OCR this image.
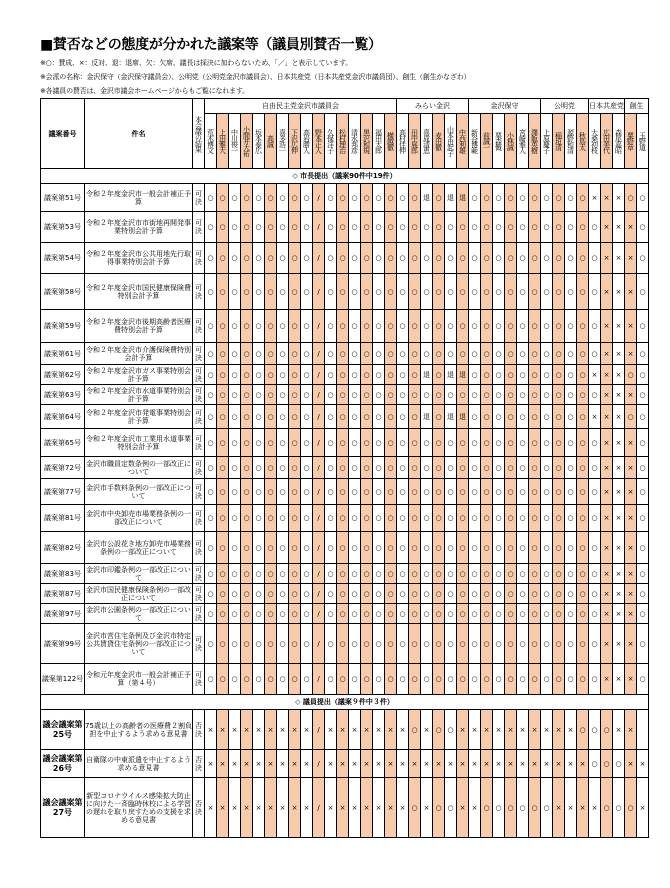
■賛否などの態度が分かれた議案等（議員別賛否一覧）
※○：賛成、×：反対、退：退席、欠：欠席、議長は採決に加わらないため、「／」と表示しています。
※会派の名称：金沢保守（金沢保守議員会）、公明党（公明党金沢市議員会）、日本共産党（日本共産党金沢市議員団）、創生（創生かなざわ）
※各議員の賛否は、金沢市議会ホームページからもご覧になれます。
議案番号	件名	本会議の結果	自由民主党金沢市議員会																みらい金沢						金沢保守						公明党				日本共産党			創生	
			荒木博文	上田雅大	中川俊一	小間井大祐	坂本泰広	高誠	喜多浩一	下沢広伸	高岩勝人	野本正人	久保洋子	松村理治	清水邦彦	黒沢和規	福田太郎	横越徹	高村佳伸	田中展郎	喜成清恵	麦田徹	山本由起子	中西利雄	新谷博範	前誠一	栗森慨	小林誠	宮崎雅人	澤飯英樹	上原慶子	稲垣清	源野和清	秋島太	大桑初枝	広田美代	森尾嘉昭	粟野章	玉野道
◇ 市長提出（議案90件中19件）																																							
議案第51号	令和２年度金沢市一般会計補正予算	可決	○	○	○	○	○	○	○	○	○	/	○	○	○	○	○	○	○	○	退	○	退	退	○	○	○	○	○	○	○	○	○	○	×	×	×	○	○
議案第53号	令和２年度金沢市市街地再開発事業特別会計予算	可決	○	○	○	○	○	○	○	○	○	/	○	○	○	○	○	○	○	○	○	○	○	○	○	○	○	○	○	○	○	○	○	○	○	×	×	×	○
議案第54号	令和２年度金沢市公共用地先行取得事業特別会計予算	可決	○	○	○	○	○	○	○	○	○	/	○	○	○	○	○	○	○	○	○	○	○	○	○	○	○	○	○	○	○	○	○	○	○	×	×	×	○
議案第58号	令和２年度金沢市国民健康保険費特別会計予算	可決	○	○	○	○	○	○	○	○	○	/	○	○	○	○	○	○	○	○	○	○	○	○	○	○	○	○	○	○	○	○	○	○	○	×	×	×	○
議案第59号	令和２年度金沢市後期高齢者医療費特別会計予算	可決	○	○	○	○	○	○	○	○	○	/	○	○	○	○	○	○	○	○	○	○	○	○	○	○	○	○	○	○	○	○	○	○	○	×	×	×	○
議案第61号	令和２年度金沢市介護保険費特別会計予算	可決	○	○	○	○	○	○	○	○	○	/	○	○	○	○	○	○	○	○	○	○	○	○	○	○	○	○	○	○	○	○	○	○	○	×	×	×	○
議案第62号	令和２年度金沢市ガス事業特別会計予算	可決	○	○	○	○	○	○	○	○	○	/	○	○	○	○	○	○	○	○	退	○	退	退	○	○	○	○	○	○	○	○	○	○	×	×	×	○	○
議案第63号	令和２年度金沢市水道事業特別会計予算	可決	○	○	○	○	○	○	○	○	○	/	○	○	○	○	○	○	○	○	○	○	○	○	○	○	○	○	○	○	○	○	○	○	○	×	×	×	○
議案第64号	令和２年度金沢市発電事業特別会計予算	可決	○	○	○	○	○	○	○	○	○	/	○	○	○	○	○	○	○	○	退	○	退	退	○	○	○	○	○	○	○	○	○	○	×	×	×	○	○
議案第65号	令和２年度金沢市工業用水道事業特別会計予算	可決	○	○	○	○	○	○	○	○	○	/	○	○	○	○	○	○	○	○	○	○	○	○	○	○	○	○	○	○	○	○	○	○	○	×	×	×	○
議案第72号	金沢市職員定数条例の一部改正について	可決	○	○	○	○	○	○	○	○	○	/	○	○	○	○	○	○	○	○	○	○	○	○	○	○	○	○	○	○	○	○	○	○	○	×	×	×	○
議案第77号	金沢市手数料条例の一部改正について	可決	○	○	○	○	○	○	○	○	○	/	○	○	○	○	○	○	○	○	○	○	○	○	○	○	○	○	○	○	○	○	○	○	○	×	×	×	○
議案第81号	金沢市中央卸売市場業務条例の一部改正について	可決	○	○	○	○	○	○	○	○	○	/	○	○	○	○	○	○	○	○	○	○	○	○	○	○	○	○	○	○	○	○	○	○	○	×	×	×	○
議案第82号	金沢市公設花き地方卸売市場業務条例の一部改正について	可決	○	○	○	○	○	○	○	○	○	/	○	○	○	○	○	○	○	○	○	○	○	○	○	○	○	○	○	○	○	○	○	○	○	×	×	×	○
議案第83号	金沢市印鑑条例の一部改正について	可決	○	○	○	○	○	○	○	○	○	/	○	○	○	○	○	○	○	○	○	○	○	○	○	○	○	○	○	○	○	○	○	○	○	×	×	×	○
議案第87号	金沢市国民健康保険条例の一部改正について	可決	○	○	○	○	○	○	○	○	○	/	○	○	○	○	○	○	○	○	○	○	○	○	○	○	○	○	○	○	○	○	○	○	○	×	×	×	○
議案第97号	金沢市公園条例の一部改正について	可決	○	○	○	○	○	○	○	○	○	/	○	○	○	○	○	○	○	○	○	○	○	○	○	○	○	○	○	○	○	○	○	○	○	×	×	×	○
議案第99号	金沢市営住宅条例及び金沢市特定公共賃貸住宅条例の一部改正について	可決	○	○	○	○	○	○	○	○	○	/	○	○	○	○	○	○	○	○	○	○	○	○	○	○	○	○	○	○	○	○	○	○	○	×	×	×	○
議案第122号	令和元年度金沢市一般会計補正予算（第４号）	可決	○	○	○	○	○	○	○	○	○	/	○	○	○	○	○	○	○	○	○	○	○	○	○	○	○	○	○	○	○	○	○	○	○	×	×	×	○
◇ 議員提出（議案９件中３件）																																							
議会議案第25号	75歳以上の高齢者の医療費２割負担を中止するよう求める意見書	否決	×	×	×	×	×	×	×	×	×	/	×	×	×	×	×	×	×	○	×	○	○	×	×	×	×	×	×	×	×	×	×	○	○	○	×	×	
議会議案第26号	自衛隊の中東派遣を中止するよう求める意見書	否決	×	×	×	×	×	×	×	×	×	/	×	×	×	×	×	×	×	×	×	×	×	×	×	×	×	×	×	×	×	×	×	×	○	○	○	×	×
議会議案第27号	新型コロナウイルス感染拡大防止に向けた一斉臨時休校による学習の遅れを取り戻すための支援を求める意見書	否決	×	×	×	×	×	×	×	×	×	/	×	×	×	×	×	×	×	○	×	○	○	×	×	○	○	○	○	○	○	×	×	×	×	○	○	○	×
